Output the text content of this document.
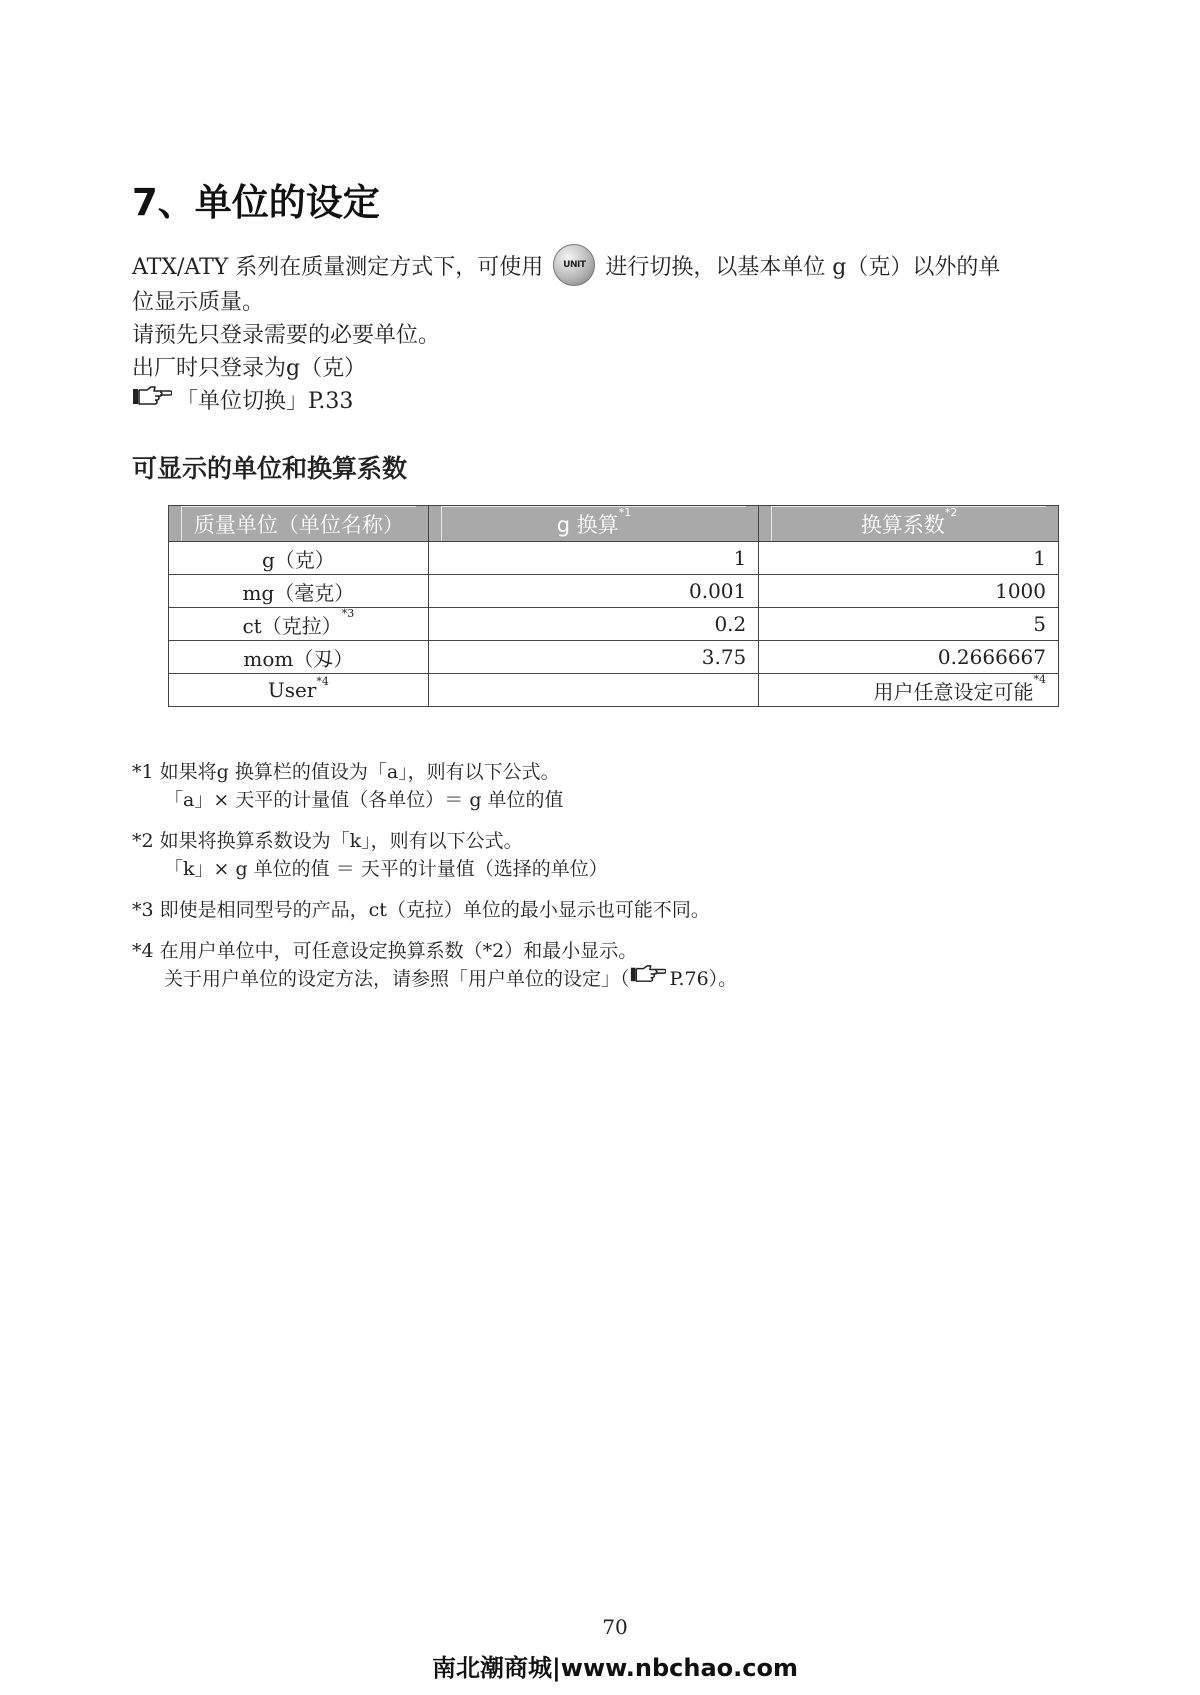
7、单位的设定

ATX/ATY 系列在质量测定方式下，可使用 UNIT 进行切换，以基本单位 g（克）以外的单

位显示质量。

请预先只登录需要的必要单位。

出厂时只登录为g（克）

「单位切换」P.33

可显示的单位和换算系数
质量单位（单位名称）	g 换算$^{*1}$	换算系数$^{*2}$

g（克）	1	1
mg（毫克）	0.001	1000
ct（克拉）$^{*3}$	0.2	5
mom（刄）	3.75	0.2666667
User$^{*4}$		用户任意设定可能$^{*4}$

*1 如果将g 换算栏的值设为「a」，则有以下公式。

「a」× 天平的计量值（各单位）＝ g 单位的值

*2 如果将换算系数设为「k」，则有以下公式。

「k」× g 单位的值 ＝ 天平的计量值（选择的单位）

*3 即使是相同型号的产品，ct（克拉）单位的最小显示也可能不同。

*4 在用户单位中，可任意设定换算系数（*2）和最小显示。

关于用户单位的设定方法，请参照「用户单位的设定」（ P.76）。

70
南北潮商城|www.nbchao.com
